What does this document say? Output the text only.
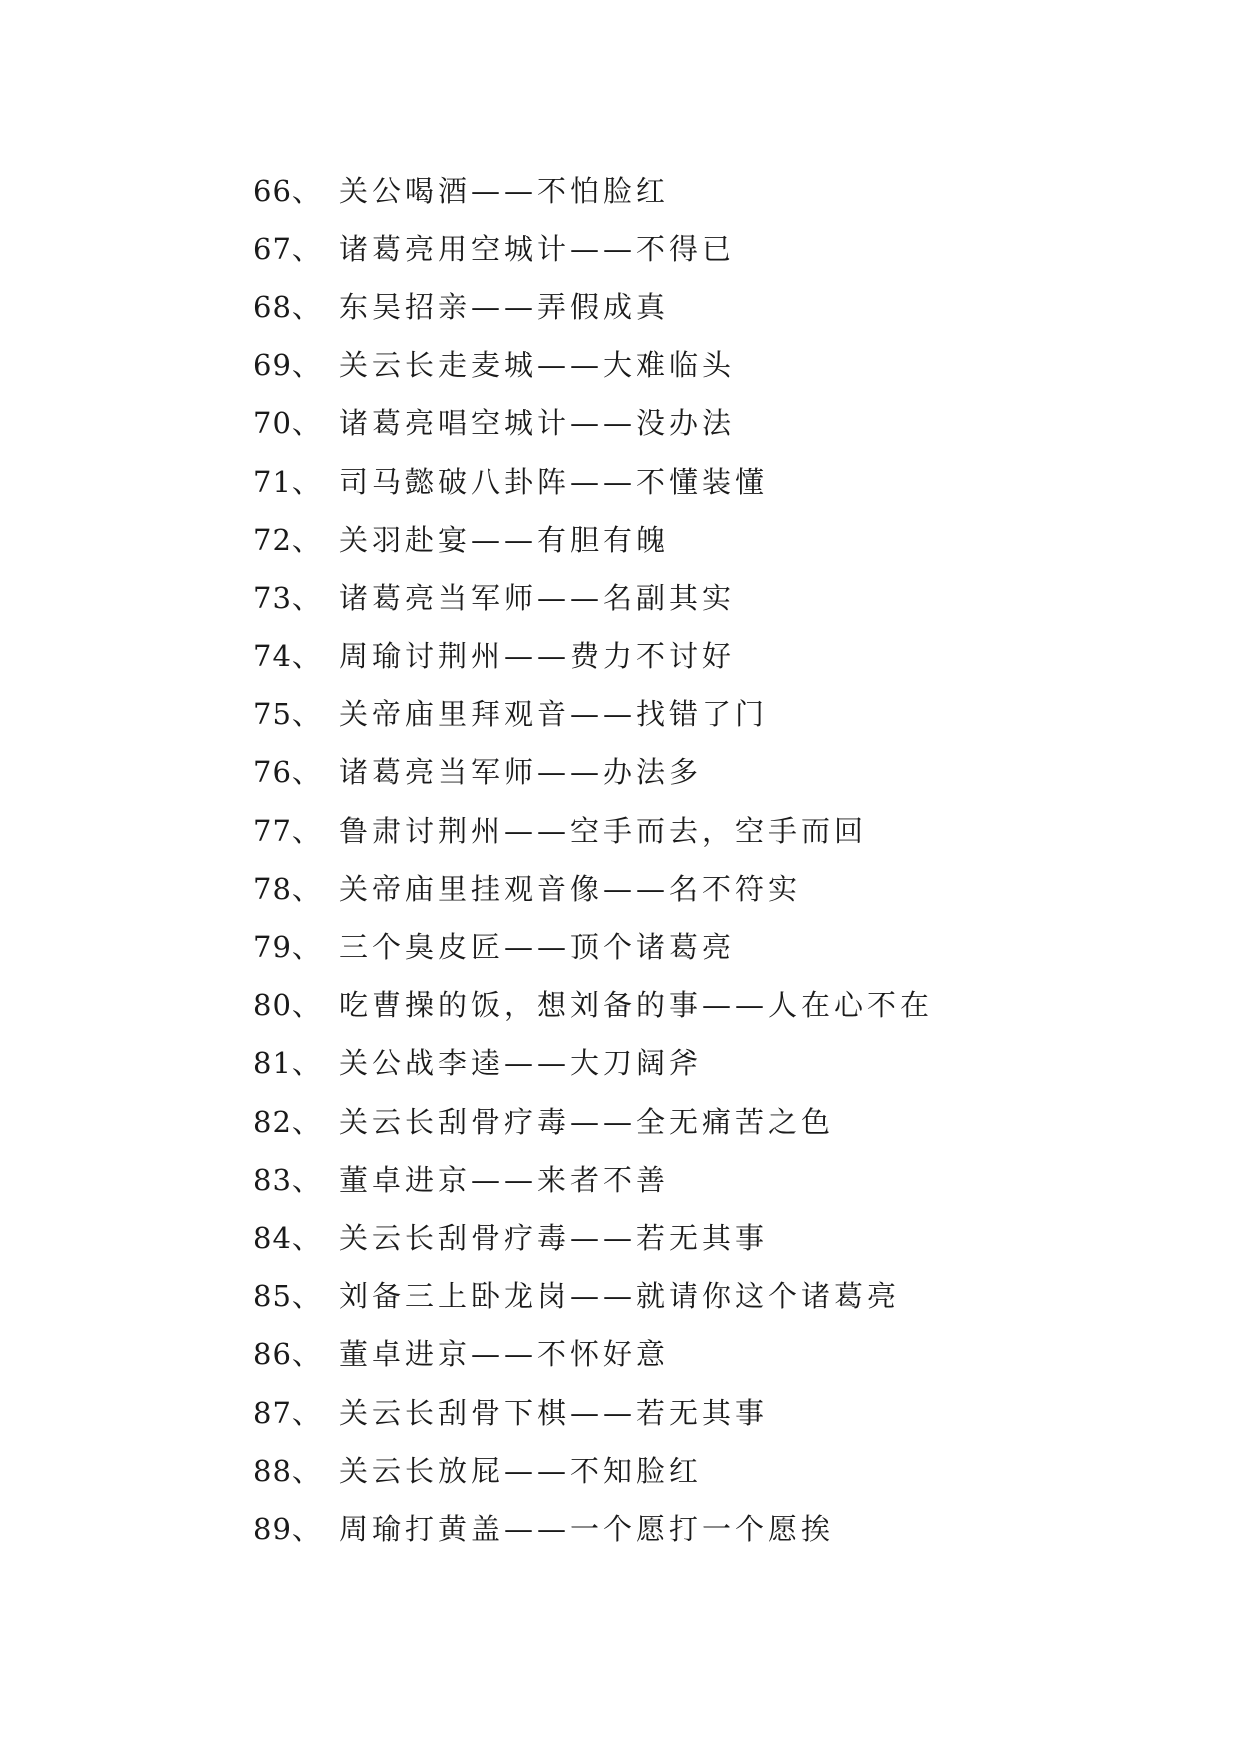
66、 关公喝酒——不怕脸红
67、 诸葛亮用空城计——不得已
68、 东吴招亲——弄假成真
69、 关云长走麦城——大难临头
70、 诸葛亮唱空城计——没办法
71、 司马懿破八卦阵——不懂装懂
72、 关羽赴宴——有胆有魄
73、 诸葛亮当军师——名副其实
74、 周瑜讨荆州——费力不讨好
75、 关帝庙里拜观音——找错了门
76、 诸葛亮当军师——办法多
77、 鲁肃讨荆州——空手而去，空手而回
78、 关帝庙里挂观音像——名不符实
79、 三个臭皮匠——顶个诸葛亮
80、 吃曹操的饭，想刘备的事——人在心不在
81、 关公战李逵——大刀阔斧
82、 关云长刮骨疗毒——全无痛苦之色
83、 董卓进京——来者不善
84、 关云长刮骨疗毒——若无其事
85、 刘备三上卧龙岗——就请你这个诸葛亮
86、 董卓进京——不怀好意
87、 关云长刮骨下棋——若无其事
88、 关云长放屁——不知脸红
89、 周瑜打黄盖——一个愿打一个愿挨
